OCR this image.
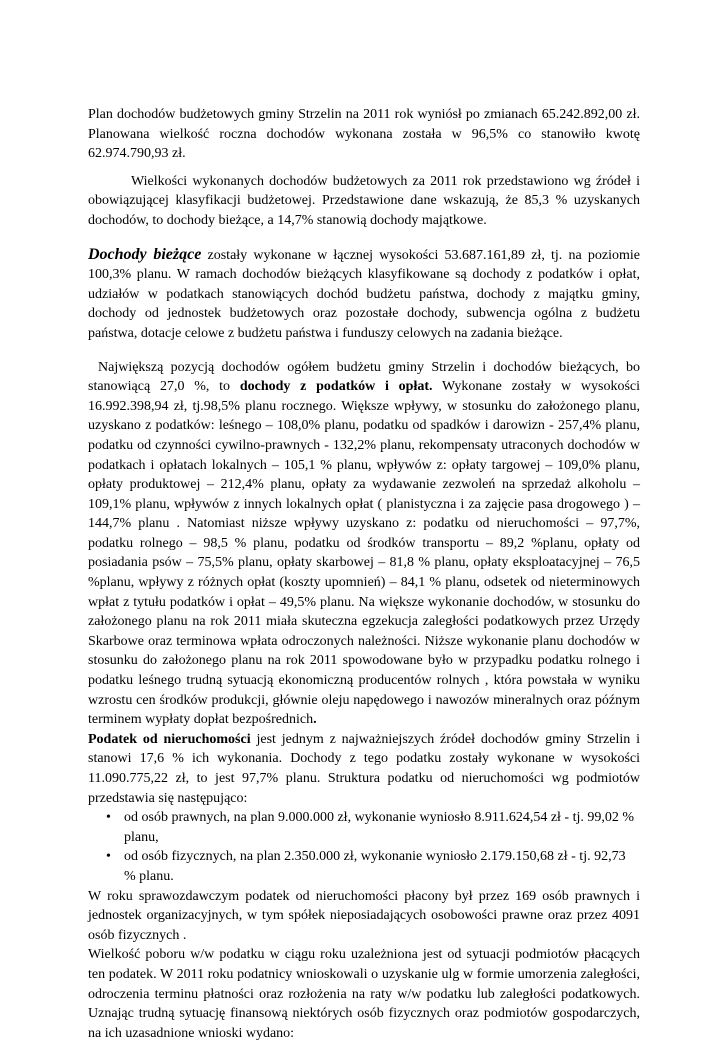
Plan dochodów budżetowych gminy Strzelin na 2011 rok wyniósł po zmianach 65.242.892,00 zł. Planowana wielkość roczna dochodów wykonana została w 96,5% co stanowiło kwotę 62.974.790,93 zł.

Wielkości wykonanych dochodów budżetowych za 2011 rok przedstawiono wg źródeł i obowiązującej klasyfikacji budżetowej. Przedstawione dane wskazują, że 85,3 % uzyskanych dochodów, to dochody bieżące, a 14,7% stanowią dochody majątkowe.

Dochody bieżące zostały wykonane w łącznej wysokości 53.687.161,89 zł, tj. na poziomie 100,3% planu. W ramach dochodów bieżących klasyfikowane są dochody z podatków i opłat, udziałów w podatkach stanowiących dochód budżetu państwa, dochody z majątku gminy, dochody od jednostek budżetowych oraz pozostałe dochody, subwencja ogólna z budżetu państwa, dotacje celowe z budżetu państwa i funduszy celowych na zadania bieżące.

Największą pozycją dochodów ogółem budżetu gminy Strzelin i dochodów bieżących, bo stanowiącą 27,0 %, to dochody z podatków i opłat. Wykonane zostały w wysokości 16.992.398,94 zł, tj.98,5% planu rocznego. Większe wpływy, w stosunku do założonego planu, uzyskano z podatków: leśnego – 108,0% planu, podatku od spadków i darowizn - 257,4% planu, podatku od czynności cywilno-prawnych - 132,2% planu, rekompensaty utraconych dochodów w podatkach i opłatach lokalnych – 105,1 % planu, wpływów z: opłaty targowej – 109,0% planu, opłaty produktowej – 212,4% planu, opłaty za wydawanie zezwoleń na sprzedaż alkoholu – 109,1% planu, wpływów z innych lokalnych opłat ( planistyczna i za zajęcie pasa drogowego ) – 144,7% planu . Natomiast niższe wpływy uzyskano z: podatku od nieruchomości – 97,7%, podatku rolnego – 98,5 % planu, podatku od środków transportu – 89,2 %planu, opłaty od posiadania psów – 75,5% planu, opłaty skarbowej – 81,8 % planu, opłaty eksploatacyjnej – 76,5 %planu, wpływy z różnych opłat (koszty upomnień) – 84,1 % planu, odsetek od nieterminowych wpłat z tytułu podatków i opłat – 49,5% planu. Na większe wykonanie dochodów, w stosunku do założonego planu na rok 2011 miała skuteczna egzekucja zaległości podatkowych przez Urzędy Skarbowe oraz terminowa wpłata odroczonych należności. Niższe wykonanie planu dochodów w stosunku do założonego planu na rok 2011 spowodowane było w przypadku podatku rolnego i podatku leśnego trudną sytuacją ekonomiczną producentów rolnych , która powstała w wyniku wzrostu cen środków produkcji, głównie oleju napędowego i nawozów mineralnych oraz późnym terminem wypłaty dopłat bezpośrednich.

Podatek od nieruchomości jest jednym z najważniejszych źródeł dochodów gminy Strzelin i stanowi 17,6 % ich wykonania. Dochody z tego podatku zostały wykonane w wysokości 11.090.775,22 zł, to jest 97,7% planu. Struktura podatku od nieruchomości wg podmiotów przedstawia się następująco:

• od osób prawnych, na plan 9.000.000 zł, wykonanie wyniosło 8.911.624,54 zł - tj. 99,02 % planu,
• od osób fizycznych, na plan 2.350.000 zł, wykonanie wyniosło 2.179.150,68 zł - tj. 92,73 % planu.

W roku sprawozdawczym podatek od nieruchomości płacony był przez 169 osób prawnych i jednostek organizacyjnych, w tym spółek nieposiadających osobowości prawne oraz przez 4091 osób fizycznych .

Wielkość poboru w/w podatku w ciągu roku uzależniona jest od sytuacji podmiotów płacących ten podatek. W 2011 roku podatnicy wnioskowali o uzyskanie ulg w formie umorzenia zaległości, odroczenia terminu płatności oraz rozłożenia na raty w/w podatku lub zaległości podatkowych. Uznając trudną sytuację finansową niektórych osób fizycznych oraz podmiotów gospodarczych, na ich uzasadnione wnioski wydano:
